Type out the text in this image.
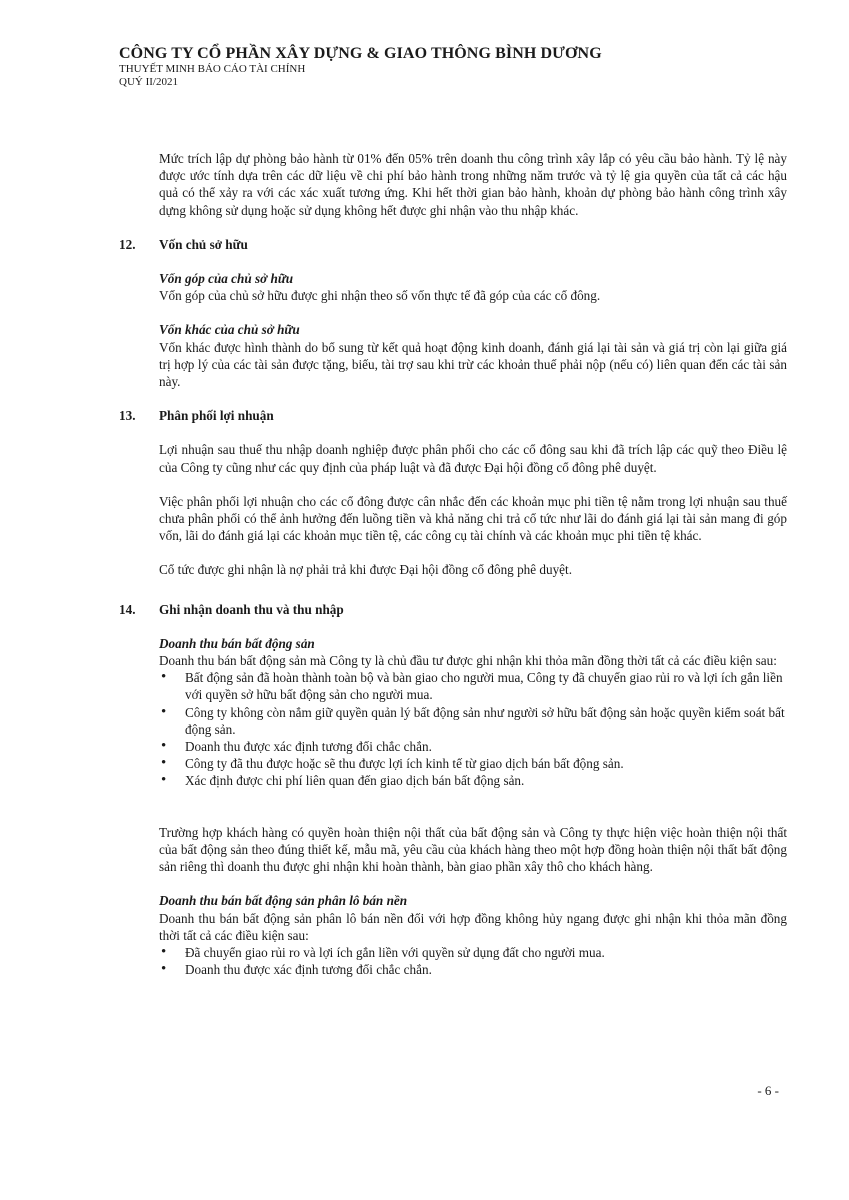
CÔNG TY CỔ PHẦN XÂY DỰNG & GIAO THÔNG BÌNH DƯƠNG
THUYẾT MINH BÁO CÁO TÀI CHÍNH
QUÝ II/2021

Mức trích lập dự phòng bảo hành từ 01% đến 05% trên doanh thu công trình xây lắp có yêu cầu bảo hành. Tỷ lệ này được ước tính dựa trên các dữ liệu về chi phí bảo hành trong những năm trước và tỷ lệ gia quyền của tất cả các hậu quả có thể xảy ra với các xác xuất tương ứng. Khi hết thời gian bảo hành, khoản dự phòng bảo hành công trình xây dựng không sử dụng hoặc sử dụng không hết được ghi nhận vào thu nhập khác.

12.	Vốn chủ sở hữu

Vốn góp của chủ sở hữu

Vốn góp của chủ sở hữu được ghi nhận theo số vốn thực tế đã góp của các cổ đông.

Vốn khác của chủ sở hữu

Vốn khác được hình thành do bổ sung từ kết quả hoạt động kinh doanh, đánh giá lại tài sản và giá trị còn lại giữa giá trị hợp lý của các tài sản được tặng, biếu, tài trợ sau khi trừ các khoản thuế phải nộp (nếu có) liên quan đến các tài sản này.

13.	Phân phối lợi nhuận

Lợi nhuận sau thuế thu nhập doanh nghiệp được phân phối cho các cổ đông sau khi đã trích lập các quỹ theo Điều lệ của Công ty cũng như các quy định của pháp luật và đã được Đại hội đồng cổ đông phê duyệt.

Việc phân phối lợi nhuận cho các cổ đông được cân nhắc đến các khoản mục phi tiền tệ nằm trong lợi nhuận sau thuế chưa phân phối có thể ảnh hưởng đến luồng tiền và khả năng chi trả cổ tức như lãi do đánh giá lại tài sản mang đi góp vốn, lãi do đánh giá lại các khoản mục tiền tệ, các công cụ tài chính và các khoản mục phi tiền tệ khác.

Cổ tức được ghi nhận là nợ phải trả khi được Đại hội đồng cổ đông phê duyệt.

14.	Ghi nhận doanh thu và thu nhập

Doanh thu bán bất động sản

Doanh thu bán bất động sản mà Công ty là chủ đầu tư được ghi nhận khi thỏa mãn đồng thời tất cả các điều kiện sau:

• Bất động sản đã hoàn thành toàn bộ và bàn giao cho người mua, Công ty đã chuyển giao rủi ro và lợi ích gắn liền với quyền sở hữu bất động sản cho người mua.
• Công ty không còn nắm giữ quyền quản lý bất động sản như người sở hữu bất động sản hoặc quyền kiểm soát bất động sản.
• Doanh thu được xác định tương đối chắc chắn.
• Công ty đã thu được hoặc sẽ thu được lợi ích kinh tế từ giao dịch bán bất động sản.
• Xác định được chi phí liên quan đến giao dịch bán bất động sản.

Trường hợp khách hàng có quyền hoàn thiện nội thất của bất động sản và Công ty thực hiện việc hoàn thiện nội thất của bất động sản theo đúng thiết kế, mẫu mã, yêu cầu của khách hàng theo một hợp đồng hoàn thiện nội thất bất động sản riêng thì doanh thu được ghi nhận khi hoàn thành, bàn giao phần xây thô cho khách hàng.

Doanh thu bán bất động sản phân lô bán nền

Doanh thu bán bất động sản phân lô bán nền đối với hợp đồng không hủy ngang được ghi nhận khi thỏa mãn đồng thời tất cả các điều kiện sau:

• Đã chuyển giao rủi ro và lợi ích gắn liền với quyền sử dụng đất cho người mua.
• Doanh thu được xác định tương đối chắc chắn.
- 6 -
